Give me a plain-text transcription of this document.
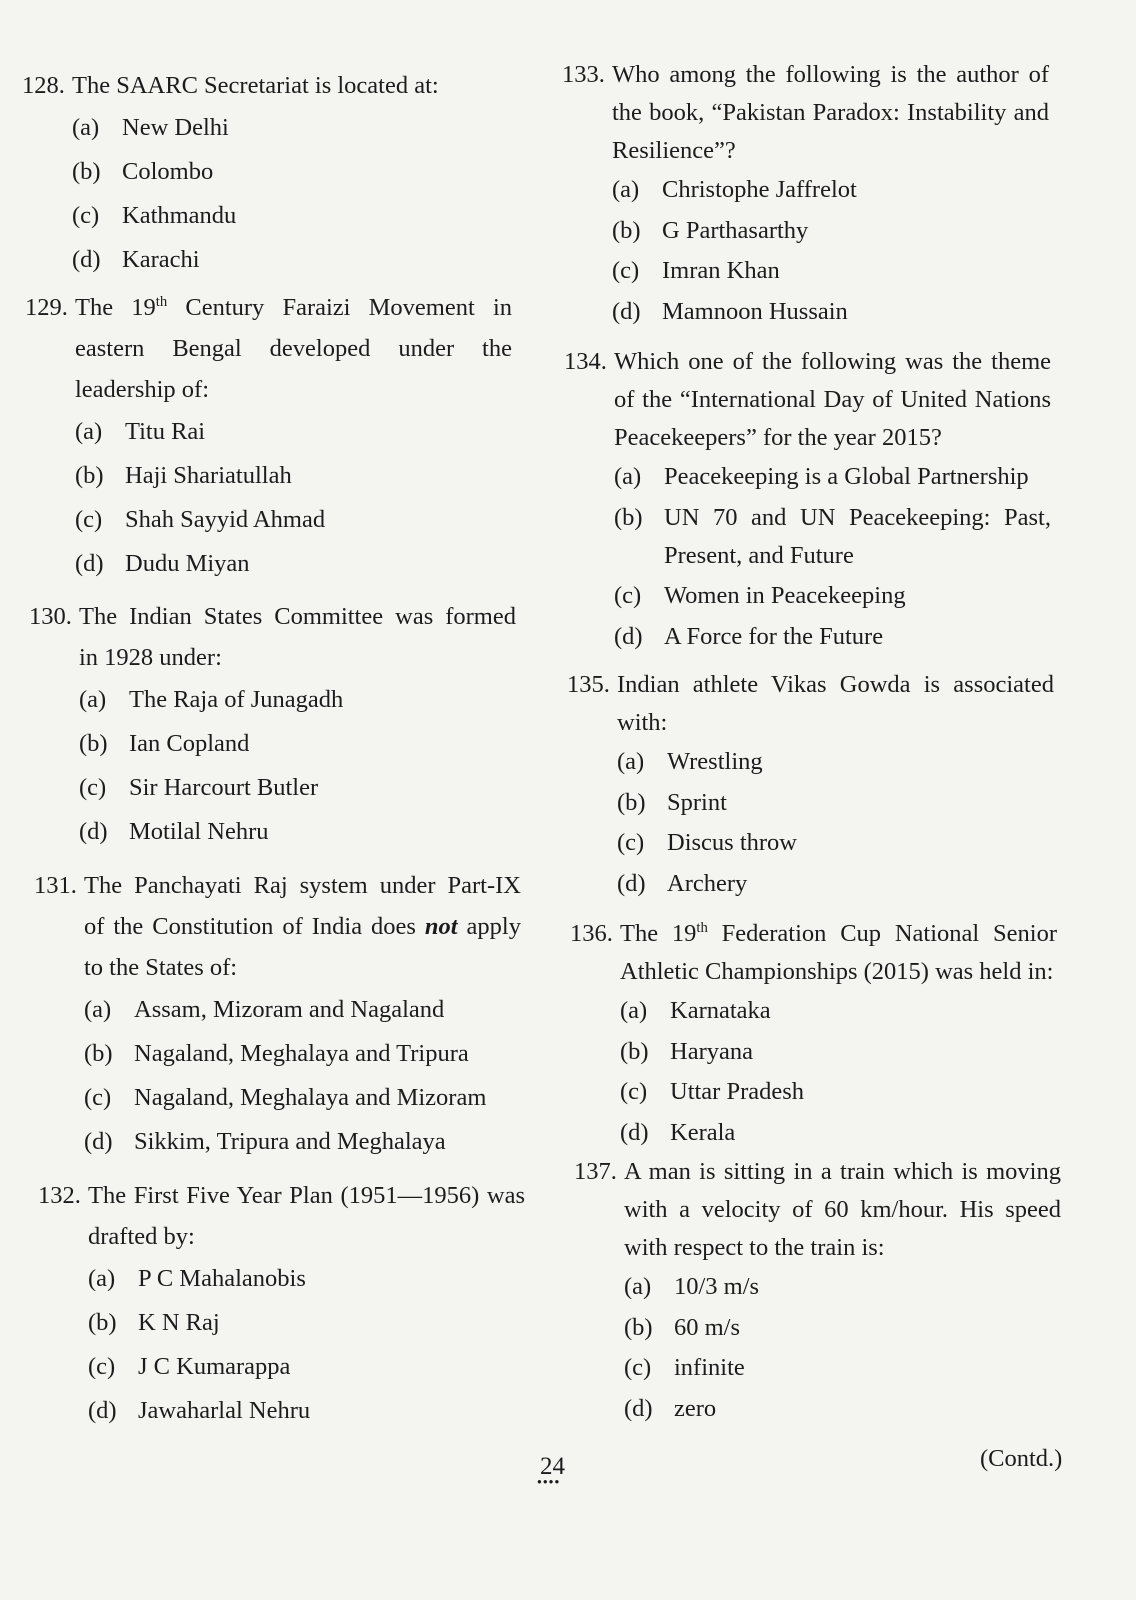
128. The SAARC Secretariat is located at:
(a) New Delhi
(b) Colombo
(c) Kathmandu
(d) Karachi
129. The 19th Century Faraizi Movement in
eastern Bengal developed under the
leadership of:
(a) Titu Rai
(b) Haji Shariatullah
(c) Shah Sayyid Ahmad
(d) Dudu Miyan
130. The Indian States Committee was formed
in 1928 under:
(a) The Raja of Junagadh
(b) Ian Copland
(c) Sir Harcourt Butler
(d) Motilal Nehru
131. The Panchayati Raj system under Part-IX
of the Constitution of India does not apply
to the States of:
(a) Assam, Mizoram and Nagaland
(b) Nagaland, Meghalaya and Tripura
(c) Nagaland, Meghalaya and Mizoram
(d) Sikkim, Tripura and Meghalaya
132. The First Five Year Plan (1951—1956) was
drafted by:
(a) P C Mahalanobis
(b) K N Raj
(c) J C Kumarappa
(d) Jawaharlal Nehru
133. Who among the following is the author of
the book, “Pakistan Paradox: Instability and
Resilience”?
(a) Christophe Jaffrelot
(b) G Parthasarthy
(c) Imran Khan
(d) Mamnoon Hussain
134. Which one of the following was the theme
of the “International Day of United Nations
Peacekeepers” for the year 2015?
(a) Peacekeeping is a Global Partnership
(b) UN 70 and UN Peacekeeping: Past,
Present, and Future
(c) Women in Peacekeeping
(d) A Force for the Future
135. Indian athlete Vikas Gowda is associated
with:
(a) Wrestling
(b) Sprint
(c) Discus throw
(d) Archery
136. The 19th Federation Cup National Senior
Athletic Championships (2015) was held in:
(a) Karnataka
(b) Haryana
(c) Uttar Pradesh
(d) Kerala
137. A man is sitting in a train which is moving
with a velocity of 60 km/hour. His speed
with respect to the train is:
(a) 10/3 m/s
(b) 60 m/s
(c) infinite
(d) zero
24
●●●●
(Contd.)
